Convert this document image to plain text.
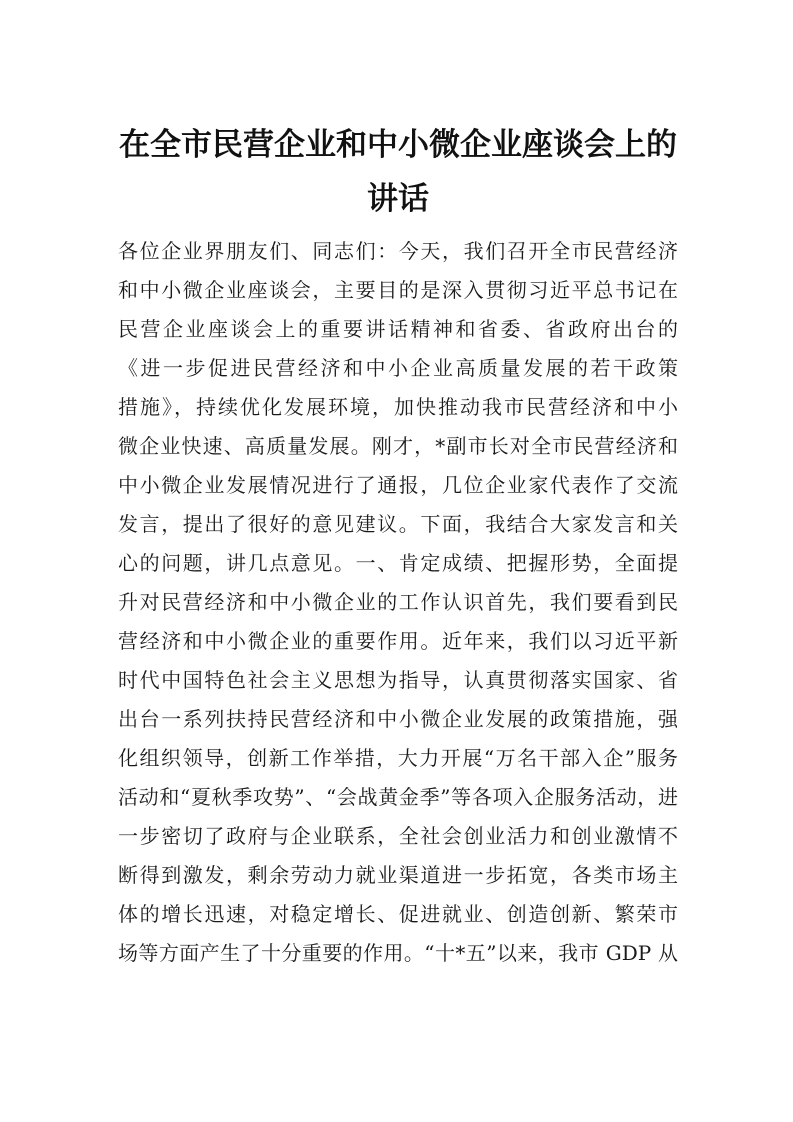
在全市民营企业和中小微企业座谈会上的
讲话
各位企业界朋友们、同志们：今天，我们召开全市民营经济
和中小微企业座谈会，主要目的是深入贯彻习近平总书记在
民营企业座谈会上的重要讲话精神和省委、省政府出台的
《进一步促进民营经济和中小企业高质量发展的若干政策
措施》，持续优化发展环境，加快推动我市民营经济和中小
微企业快速、高质量发展。刚才，*副市长对全市民营经济和
中小微企业发展情况进行了通报，几位企业家代表作了交流
发言，提出了很好的意见建议。下面，我结合大家发言和关
心的问题，讲几点意见。一、肯定成绩、把握形势，全面提
升对民营经济和中小微企业的工作认识首先，我们要看到民
营经济和中小微企业的重要作用。近年来，我们以习近平新
时代中国特色社会主义思想为指导，认真贯彻落实国家、省
出台一系列扶持民营经济和中小微企业发展的政策措施，强
化组织领导，创新工作举措，大力开展“万名干部入企”服务
活动和“夏秋季攻势”、“会战黄金季”等各项入企服务活动，进
一步密切了政府与企业联系，全社会创业活力和创业激情不
断得到激发，剩余劳动力就业渠道进一步拓宽，各类市场主
体的增长迅速，对稳定增长、促进就业、创造创新、繁荣市
场等方面产生了十分重要的作用。“十*五”以来，我市 GDP 从
